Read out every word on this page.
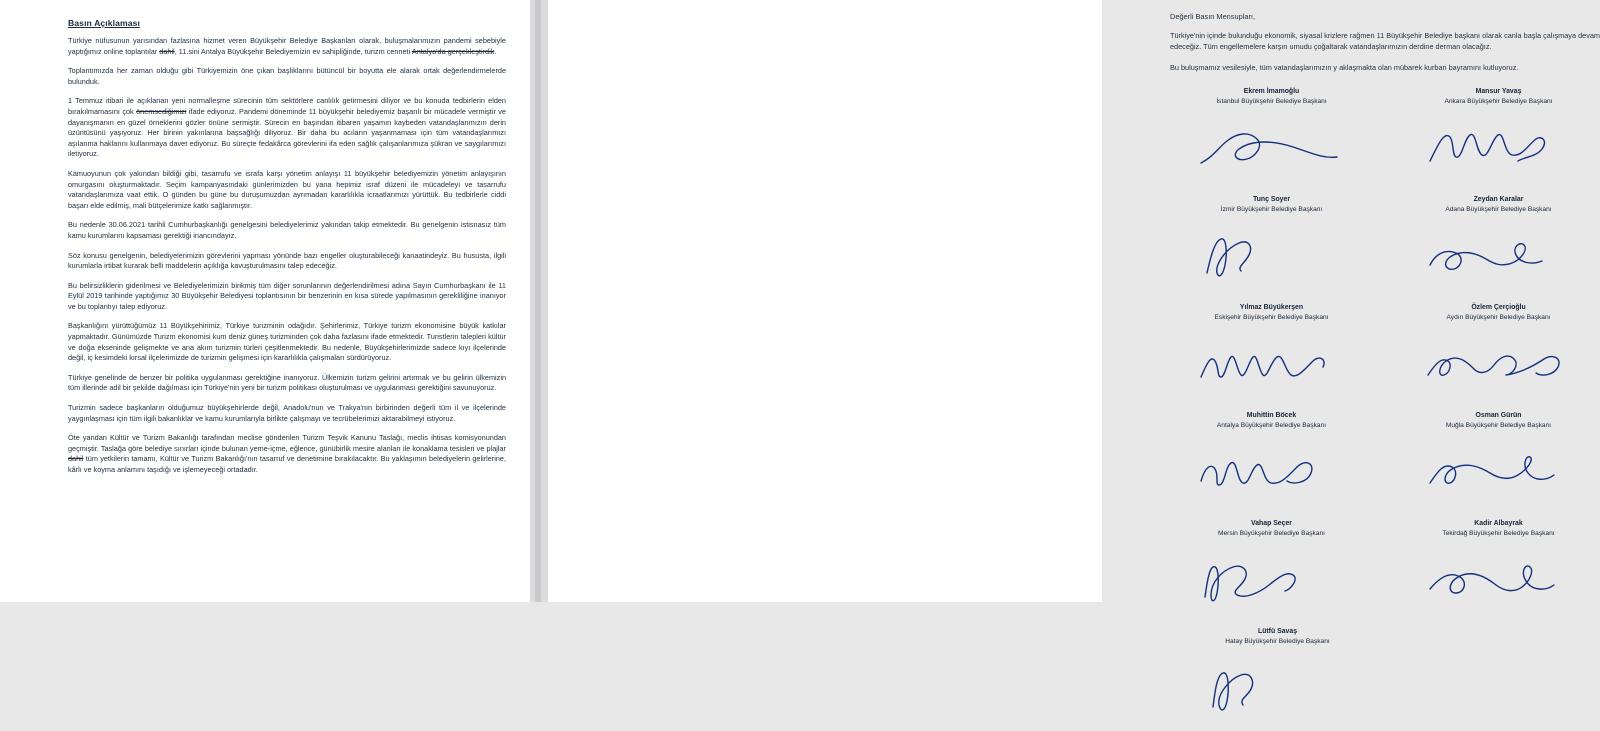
Basın Açıklaması

Türkiye nüfusunun yarısından fazlasına hizmet veren Büyükşehir Belediye Başkanları olarak, buluşmalarımızın pandemi sebebiyle yaptığımız online toplantılar dahil, 11.sini Antalya Büyükşehir Belediyemizin ev sahipliğinde, turizm cenneti Antalya'da gerçekleştirdik.

Toplantımızda her zaman olduğu gibi Türkiyemizin öne çıkan başlıklarını bütüncül bir boyutta ele alarak ortak değerlendirmelerde bulunduk.

1 Temmuz itibari ile açıklanan yeni normalleşme sürecinin tüm sektörlere canlılık getirmesini diliyor ve bu konuda tedbirlerin elden bırakılmamasını çok önemsediğimizi ifade ediyoruz. Pandemi döneminde 11 büyükşehir belediyemiz başarılı bir mücadele vermiştir ve dayanışmanın en güzel örneklerini gözler önüne sermiştir. Sürecin en başından itibaren yaşamın kaybeden vatandaşlarımızın derin üzüntüsünü yaşıyoruz. Her birinin yakınlarına başsağlığı diliyoruz. Bir daha bu acıların yaşanmaması için tüm vatandaşlarımızı aşılanma haklarını kullanmaya davet ediyoruz. Bu süreçte fedakârca görevlerini ifa eden sağlık çalışanlarımıza şükran ve saygılarımızı iletiyoruz.

Kamuoyunun çok yakından bildiği gibi, tasarrufu ve israfa karşı yönetim anlayışı 11 büyükşehir belediyemizin yönetim anlayışının omurgasını oluşturmaktadır. Seçim kampanyasındaki günlerimizden bu yana hepimiz israf düzeni ile mücadeleyi ve tasarrufu vatandaşlarımıza vaat ettik. O günden bu güne bu duruşumuzdan ayrımadan kararlılıkla icraatlarımızı yürüttük. Bu tedbirlerle ciddi başarı elde edilmiş, mali bütçelerimize katkı sağlanmıştır.

Bu nedenle 30.06.2021 tarihli Cumhurbaşkanlığı genelgesini belediyelerimiz yakından takip etmektedir. Bu genelgenin istisnasız tüm kamu kurumlarını kapsaması gerektiği inancındayız.

Söz konusu genelgenin, belediyelerimizin görevlerini yapması yönünde bazı engeller oluşturabileceği kanaatindeyiz. Bu hususta, ilgili kurumlarla irtibat kurarak belli maddelerin açıklığa kavuşturulmasını talep edeceğiz.

Bu belirsizliklerin giderilmesi ve Belediyelerimizin birikmiş tüm diğer sorunlarının değerlendirilmesi adına Sayın Cumhurbaşkanı ile 11 Eylül 2019 tarihinde yaptığımız 30 Büyükşehir Belediyesi toplantısının bir benzerinin en kısa sürede yapılmasının gerekliliğine inanıyor ve bu toplantıyı talep ediyoruz.

Başkanlığını yürüttüğümüz 11 Büyükşehirimiz, Türkiye turizminin odağıdır. Şehirlerimiz, Türkiye turizm ekonomisine büyük katkılar yapmaktadır. Günümüzde Turizm ekonomisi kum deniz güneş turizminden çok daha fazlasını ifade etmektedir. Turistlerin talepleri kültür ve doğa ekseninde gelişmekte ve ana akım turizmin türleri çeşitlenmektedir. Bu nedenle, Büyükşehirlerimizde sadece kıyı ilçelerinde değil, iç kesimdeki kırsal ilçelerimizde de turizmin gelişmesi için kararlılıkla çalışmaları sürdürüyoruz.

Türkiye genelinde de benzer bir politika uygulanması gerektiğine inanıyoruz. Ülkemizin turizm gelirini artırmak ve bu gelirin ülkemizin tüm illerinde adil bir şekilde dağılması için Türkiye'nin yeni bir turizm politikası oluşturulması ve uygulanması gerektiğini savunuyoruz.

Turizmin sadece başkanların olduğumuz büyükşehirlerde değil, Anadolu'nun ve Trakya'nın birbirinden değerli tüm il ve ilçelerinde yaygınlaşması için tüm ilgili bakanlıklar ve kamu kurumlarıyla birlikte çalışmayı ve tecrübelerimizi aktarabilmeyi istiyoruz.

Öte yandan Kültür ve Turizm Bakanlığı tarafından meclise gönderilen Turizm Teşvik Kanunu Taslağı, meclis ihtisas komisyonundan geçmiştir. Taslağa göre belediye sınırları içinde bulunan yeme-içme, eğlence, günübirlik mesire alanları ile konaklama tesisleri ve plajlar dahil tüm yetkilerin tamamı, Kültür ve Turizm Bakanlığı'nın tasarruf ve denetimine bırakılacaktır. Bu yaklaşımın belediyelerin gelirlerine, kârlı ve koyma anlamını taşıdığı ve işlemeyeceği ortadadır.

Değerli Basın Mensupları,

Türkiye'nin içinde bulunduğu ekonomik, siyasal krizlere rağmen 11 Büyükşehir Belediye başkanı olarak canla başla çalışmaya devam edeceğiz. Tüm engellemelere karşın umudu çoğaltarak vatandaşlarımızın derdine derman olacağız.

Bu buluşmamız vesilesiyle, tüm vatandaşlarımızın y aklaşmakta olan mübarek kurban bayramını kutluyoruz.

Ekrem İmamoğlu
İstanbul Büyükşehir Belediye Başkanı
Mansur Yavaş
Ankara Büyükşehir Belediye Başkanı
Tunç Soyer
İzmir Büyükşehir Belediye Başkanı
Zeydan Karalar
Adana Büyükşehir Belediye Başkanı
Yılmaz Büyükerşen
Eskişehir Büyükşehir Belediye Başkanı
Özlem Çerçioğlu
Aydın Büyükşehir Belediye Başkanı
Muhittin Böcek
Antalya Büyükşehir Belediye Başkanı
Osman Gürün
Muğla Büyükşehir Belediye Başkanı
Vahap Seçer
Mersin Büyükşehir Belediye Başkanı
Kadir Albayrak
Tekirdağ Büyükşehir Belediye Başkanı
Lütfü Savaş
Hatay Büyükşehir Belediye Başkanı
